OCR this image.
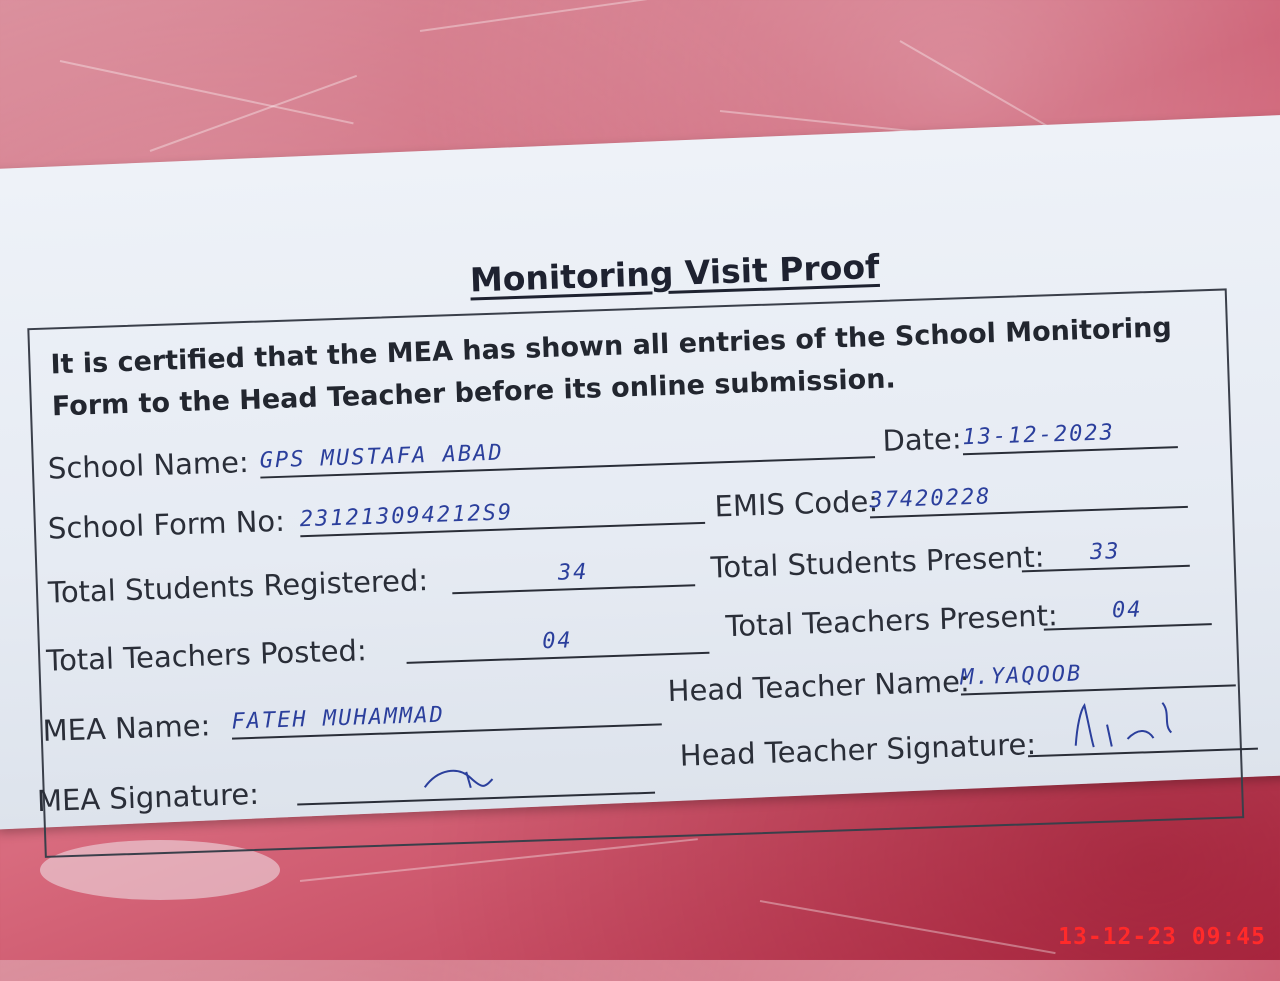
Monitoring Visit Proof
It is certified that the MEA has shown all entries of the School Monitoring Form to the Head Teacher before its online submission.
School Name: GPS MUSTAFA ABAD	Date: 13-12-2023
School Form No: 231213094212S9	EMIS Code:
37420228
Total Students Registered:	34	Total Students Present:	33
Total Teachers Posted:	04	Total Teachers Present:	04
MEA Name: FATEH MUHAMMAD
Head Teacher Name:
M.YAQOOB
MEA Signature:
Head Teacher Signature:
13-12-23 09:45
